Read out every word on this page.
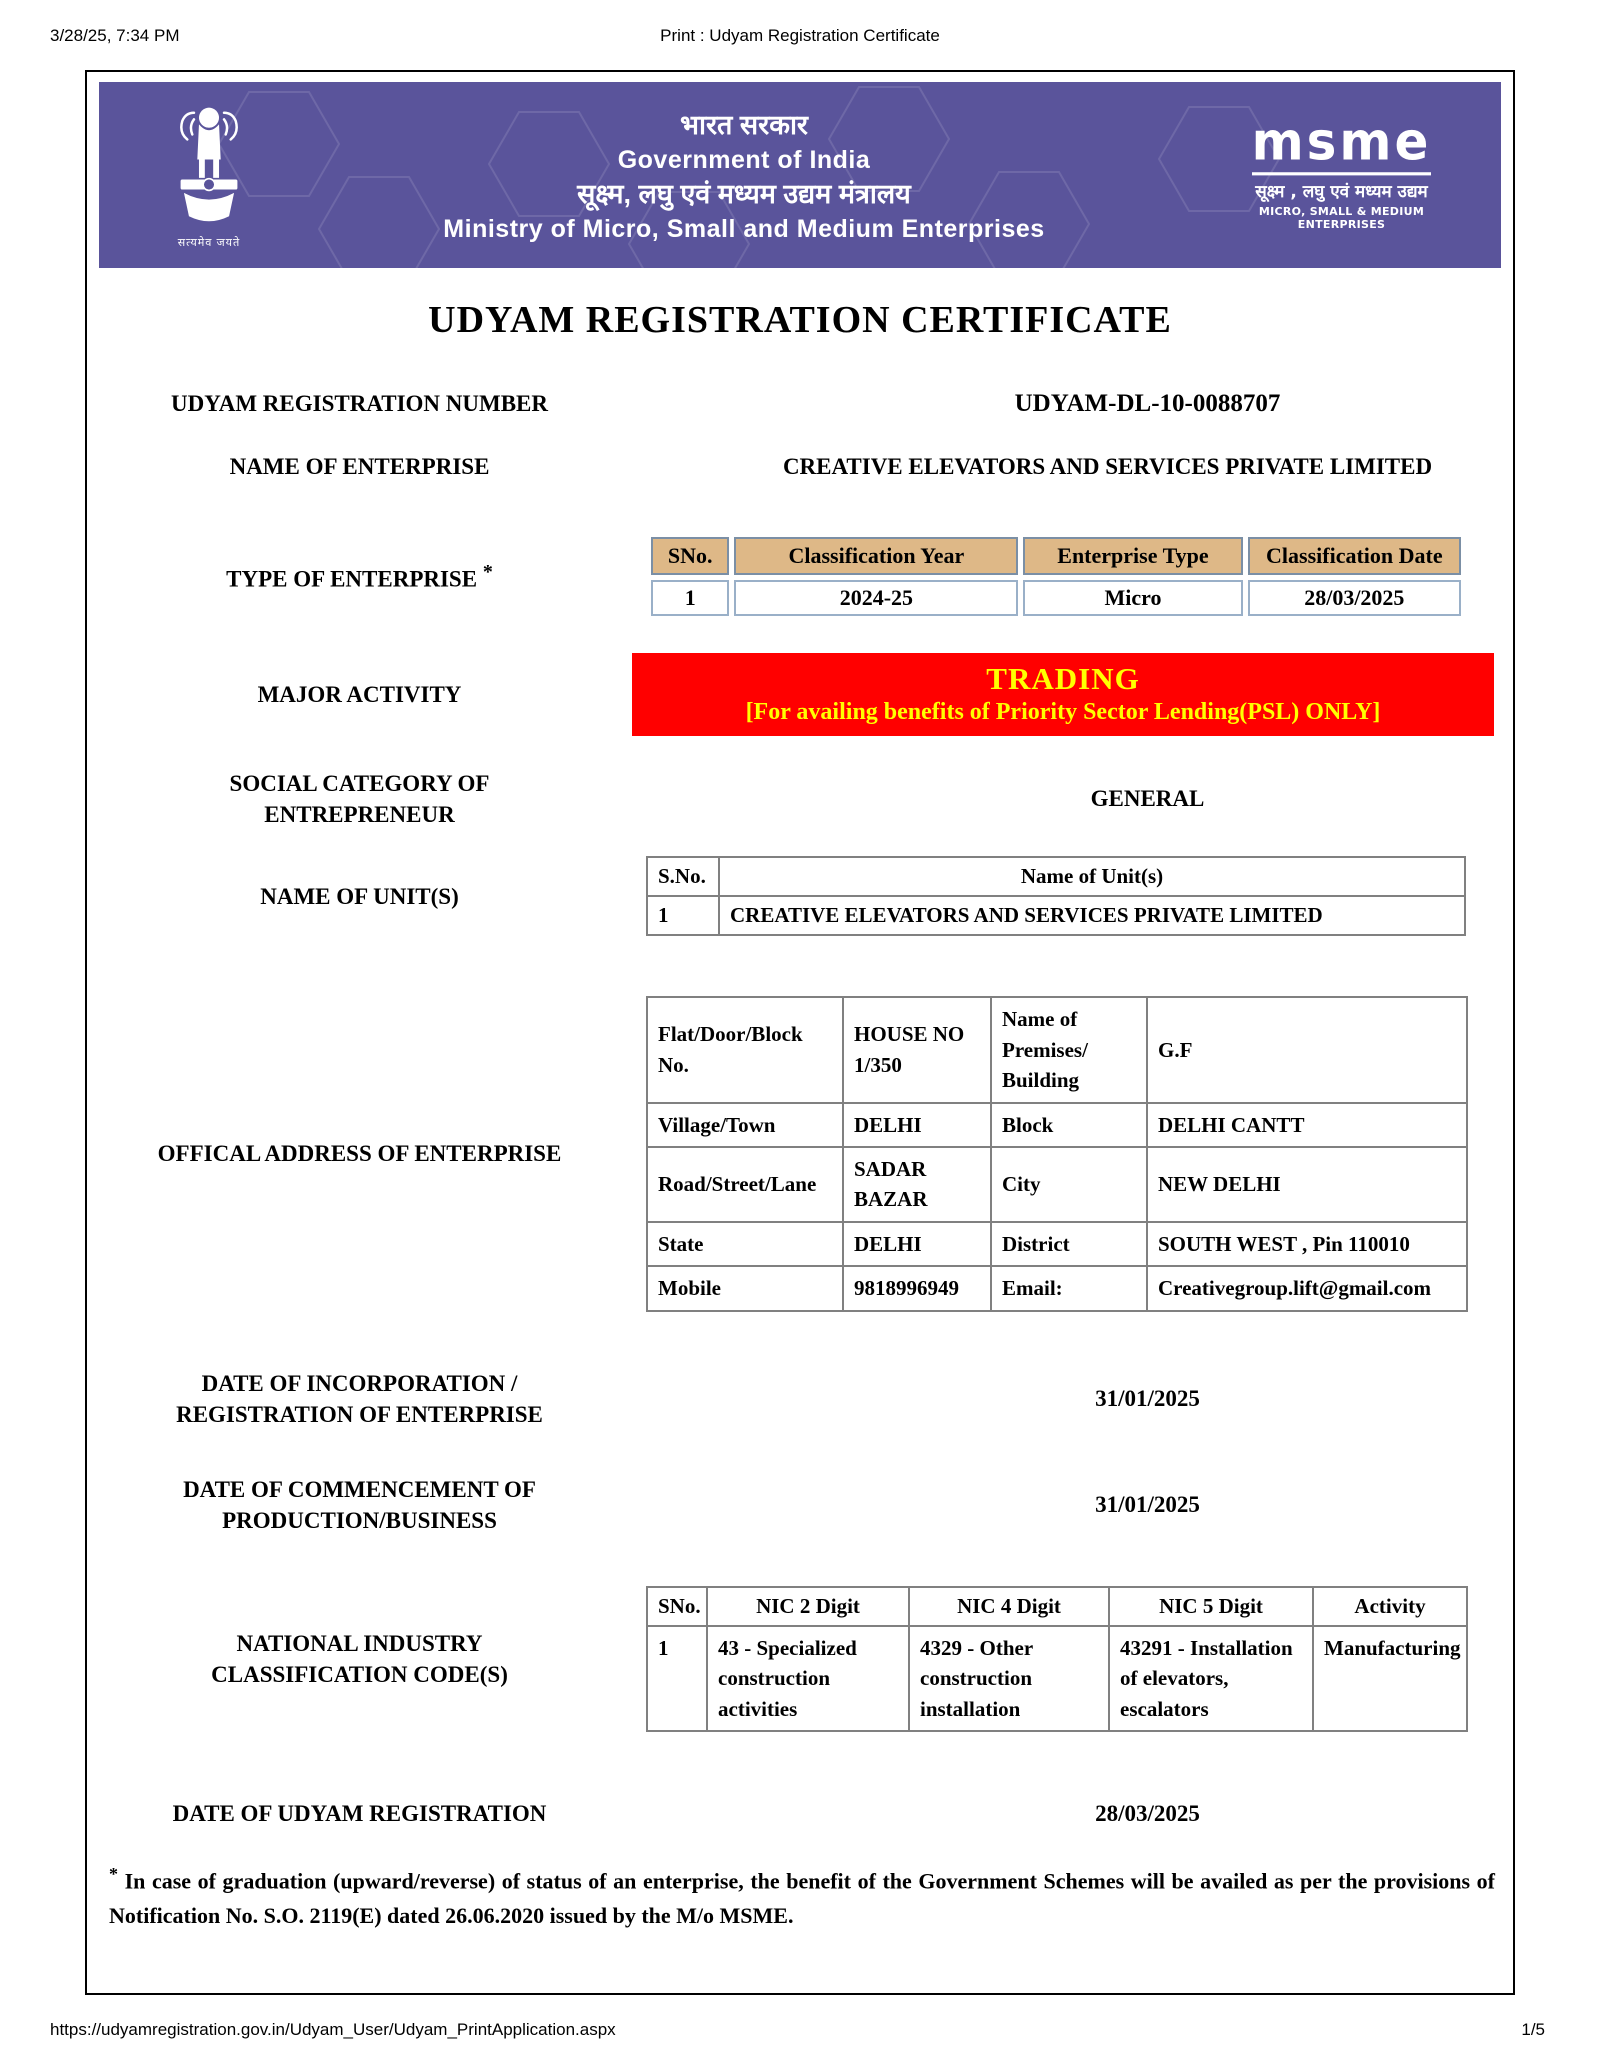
3/28/25, 7:34 PM	Print : Udyam Registration Certificate
सत्यमेव जयते
भारत सरकार
Government of India
सूक्ष्म, लघु एवं मध्यम उद्यम मंत्रालय
Ministry of Micro, Small and Medium Enterprises
msme
सूक्ष्म , लघु एवं मध्यम उद्यम
MICRO, SMALL & MEDIUM ENTERPRISES
UDYAM REGISTRATION CERTIFICATE
UDYAM REGISTRATION NUMBER	UDYAM-DL-10-0088707
NAME OF ENTERPRISE	CREATIVE ELEVATORS AND SERVICES PRIVATE LIMITED
TYPE OF ENTERPRISE *
SNo.	Classification Year	Enterprise Type	Classification Date
1	2024-25	Micro	28/03/2025
MAJOR ACTIVITY	TRADING
[For availing benefits of Priority Sector Lending(PSL) ONLY]
SOCIAL CATEGORY OF ENTREPRENEUR
GENERAL
NAME OF UNIT(S)
S.No.	Name of Unit(s)
1	CREATIVE ELEVATORS AND SERVICES PRIVATE LIMITED
OFFICAL ADDRESS OF ENTERPRISE
Flat/Door/Block No.	HOUSE NO 1/350	Name of Premises/ Building	G.F
Village/Town	DELHI	Block	DELHI CANTT
Road/Street/Lane	SADAR BAZAR	City	NEW DELHI
State	DELHI	District	SOUTH WEST , Pin 110010
Mobile	9818996949	Email:	Creativegroup.lift@gmail.com
DATE OF INCORPORATION / REGISTRATION OF ENTERPRISE
31/01/2025
DATE OF COMMENCEMENT OF PRODUCTION/BUSINESS
31/01/2025
NATIONAL INDUSTRY CLASSIFICATION CODE(S)
SNo.	NIC 2 Digit	NIC 4 Digit	NIC 5 Digit	Activity
1	43 - Specialized construction activities	4329 - Other construction installation	43291 - Installation of elevators, escalators	Manufacturing
DATE OF UDYAM REGISTRATION	28/03/2025
* In case of graduation (upward/reverse) of status of an enterprise, the benefit of the Government Schemes will be availed as per the provisions of Notification No. S.O. 2119(E) dated 26.06.2020 issued by the M/o MSME.
https://udyamregistration.gov.in/Udyam_User/Udyam_PrintApplication.aspx	1/5
